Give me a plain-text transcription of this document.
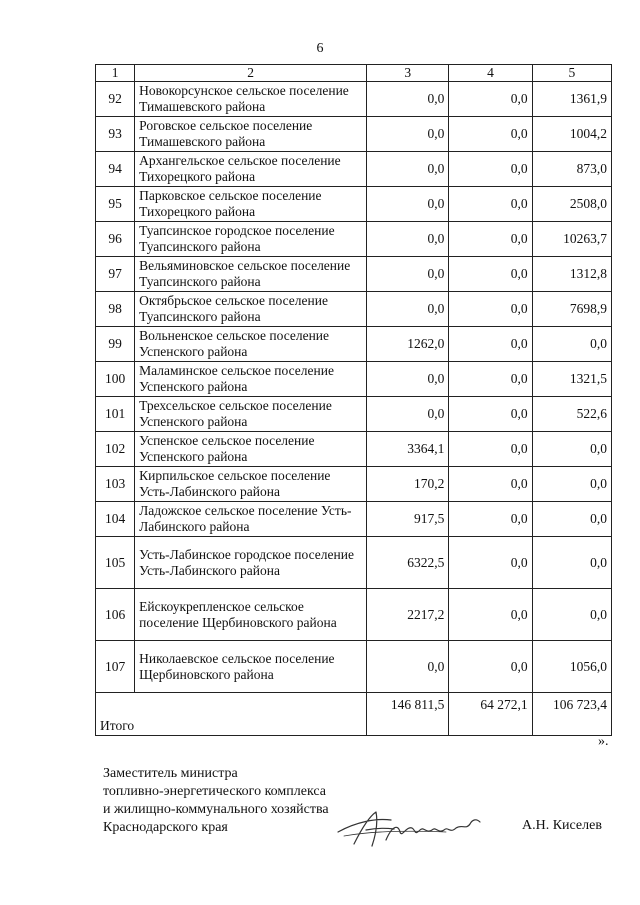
6
1	2	3	4	5
92	Новокорсунское сельское поселение Тимашевского района	0,0	0,0	1361,9
93	Роговское сельское поселение Тимашевского района	0,0	0,0	1004,2
94	Архангельское сельское поселение Тихорецкого района	0,0	0,0	873,0
95	Парковское сельское поселение Тихорецкого района	0,0	0,0	2508,0
96	Туапсинское городское поселение Туапсинского района	0,0	0,0	10263,7
97	Вельяминовское сельское поселение Туапсинского района	0,0	0,0	1312,8
98	Октябрьское сельское поселение Туапсинского района	0,0	0,0	7698,9
99	Вольненское сельское поселение Успенского района	1262,0	0,0	0,0
100	Маламинское сельское поселение Успенского района	0,0	0,0	1321,5
101	Трехсельское сельское поселение Успенского района	0,0	0,0	522,6
102	Успенское сельское поселение Успенского района	3364,1	0,0	0,0
103	Кирпильское сельское поселение Усть-Лабинского района	170,2	0,0	0,0
104	Ладожское сельское поселение Усть-Лабинского района	917,5	0,0	0,0
105	Усть-Лабинское городское поселение Усть-Лабинского района	6322,5	0,0	0,0
106	Ейскоукрепленское сельское поселение Щербиновского района	2217,2	0,0	0,0
107	Николаевское сельское поселение Щербиновского района	0,0	0,0	1056,0
Итого		146 811,5	64 272,1	106 723,4
».
Заместитель министра
топливно-энергетического комплекса
и жилищно-коммунального хозяйства
Краснодарского края	А.Н. Киселев
